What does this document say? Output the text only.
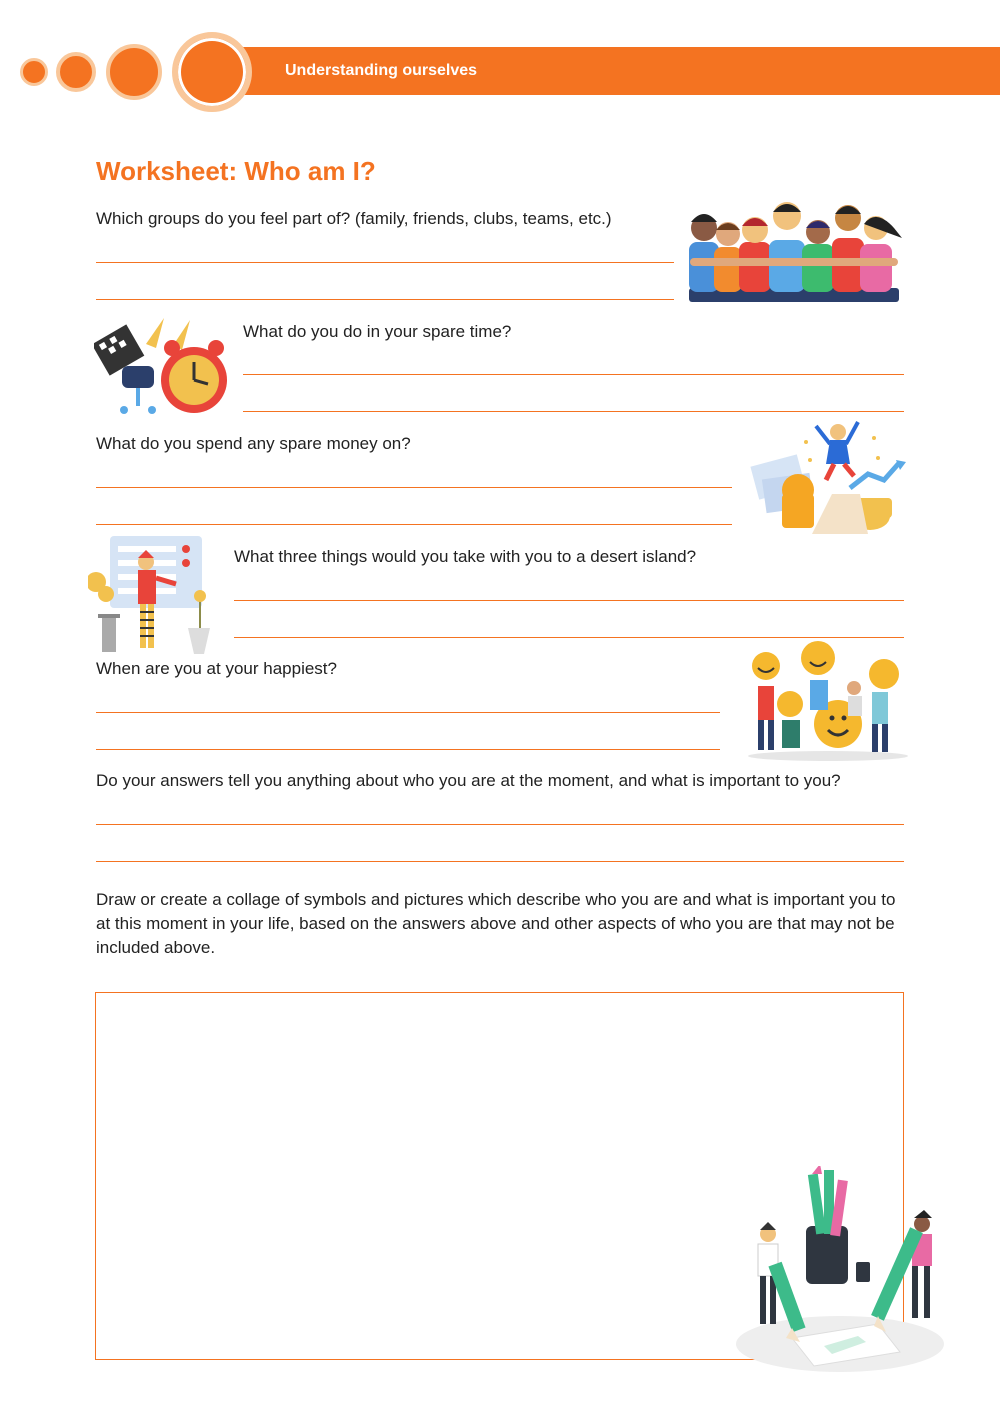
Understanding ourselves
Worksheet: Who am I?
Which groups do you feel part of? (family, friends, clubs, teams, etc.)
What do you do in your spare time?
What do you spend any spare money on?
What three things would you take with you to a desert island?
When are you at your happiest?
Do your answers tell you anything about who you are at the moment, and what is important to you?
Draw or create a collage of symbols and pictures which describe who you are and what is important you to at this moment in your life, based on the answers above and other aspects of who you are that may not be included above.
